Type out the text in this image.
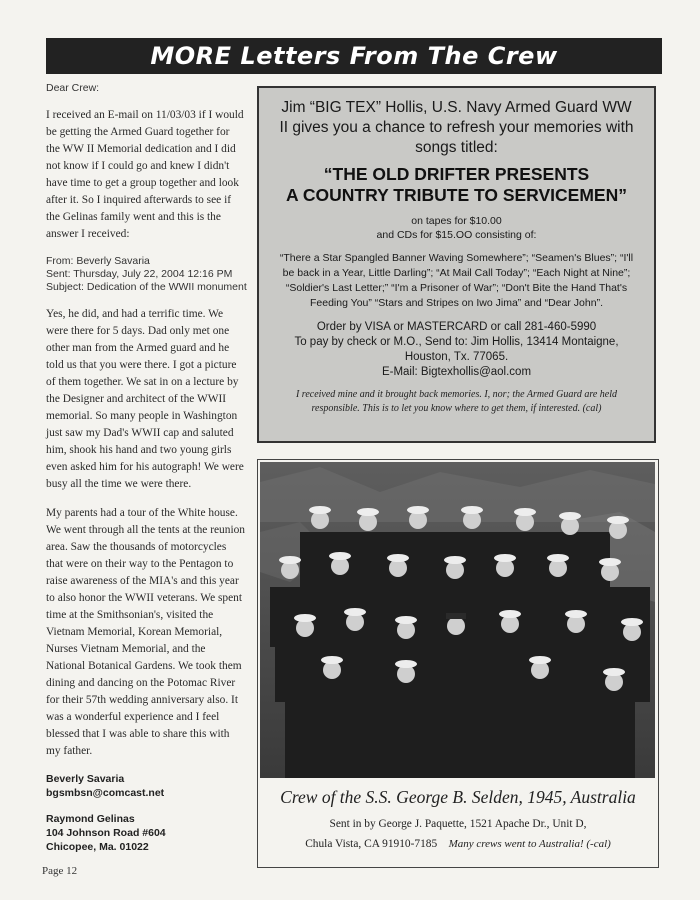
MORE Letters From The Crew
Dear Crew:

I received an E-mail on 11/03/03 if I would be getting the Armed Guard together for the WW II Memorial dedication and I did not know if I could go and knew I didn't have time to get a group together and look after it. So I inquired afterwards to see if the Gelinas family went and this is the answer I received:

From: Beverly Savaria
Sent: Thursday, July 22, 2004 12:16 PM
Subject: Dedication of the WWII monument

Yes, he did, and had a terrific time. We were there for 5 days. Dad only met one other man from the Armed guard and he told us that you were there. I got a picture of them together. We sat in on a lecture by the Designer and architect of the WWII memorial. So many people in Washington just saw my Dad's WWII cap and saluted him, shook his hand and two young girls even asked him for his autograph! We were busy all the time we were there.

My parents had a tour of the White house. We went through all the tents at the reunion area. Saw the thousands of motorcycles that were on their way to the Pentagon to raise awareness of the MIA's and this year to also honor the WWII veterans. We spent time at the Smithsonian's, visited the Vietnam Memorial, Korean Memorial, Nurses Vietnam Memorial, and the National Botanical Gardens. We took them dining and dancing on the Potomac River for their 57th wedding anniversary also. It was a wonderful experience and I feel blessed that I was able to share this with my father.

Beverly Savaria
bgsmbsn@comcast.net
Raymond Gelinas
104 Johnson Road #604
Chicopee, Ma. 01022
Page 12

Jim “BIG TEX” Hollis, U.S. Navy Armed Guard WW II gives you a chance to refresh your memories with songs titled:

“THE OLD DRIFTER PRESENTS
A COUNTRY TRIBUTE TO SERVICEMEN”
on tapes for $10.00
and CDs for $15.OO consisting of:

“There a Star Spangled Banner Waving Somewhere”; “Seamen's Blues”; “I'll be back in a Year, Little Darling”; “At Mail Call Today”; “Each Night at Nine”; “Soldier's Last Letter;” “I'm a Prisoner of War”; “Don't Bite the Hand That's Feeding You” “Stars and Stripes on Iwo Jima” and “Dear John”.

Order by VISA or MASTERCARD or call 281-460-5990
To pay by check or M.O., Send to: Jim Hollis, 13414 Montaigne, Houston, Tx. 77065.
E-Mail: Bigtexhollis@aol.com

I received mine and it brought back memories. I, nor; the Armed Guard are held responsible. This is to let you know where to get them, if interested. (cal)

Crew of the S.S. George B. Selden, 1945, Australia
Sent in by George J. Paquette, 1521 Apache Dr., Unit D,
Chula Vista, CA 91910-7185 Many crews went to Australia! (-cal)
